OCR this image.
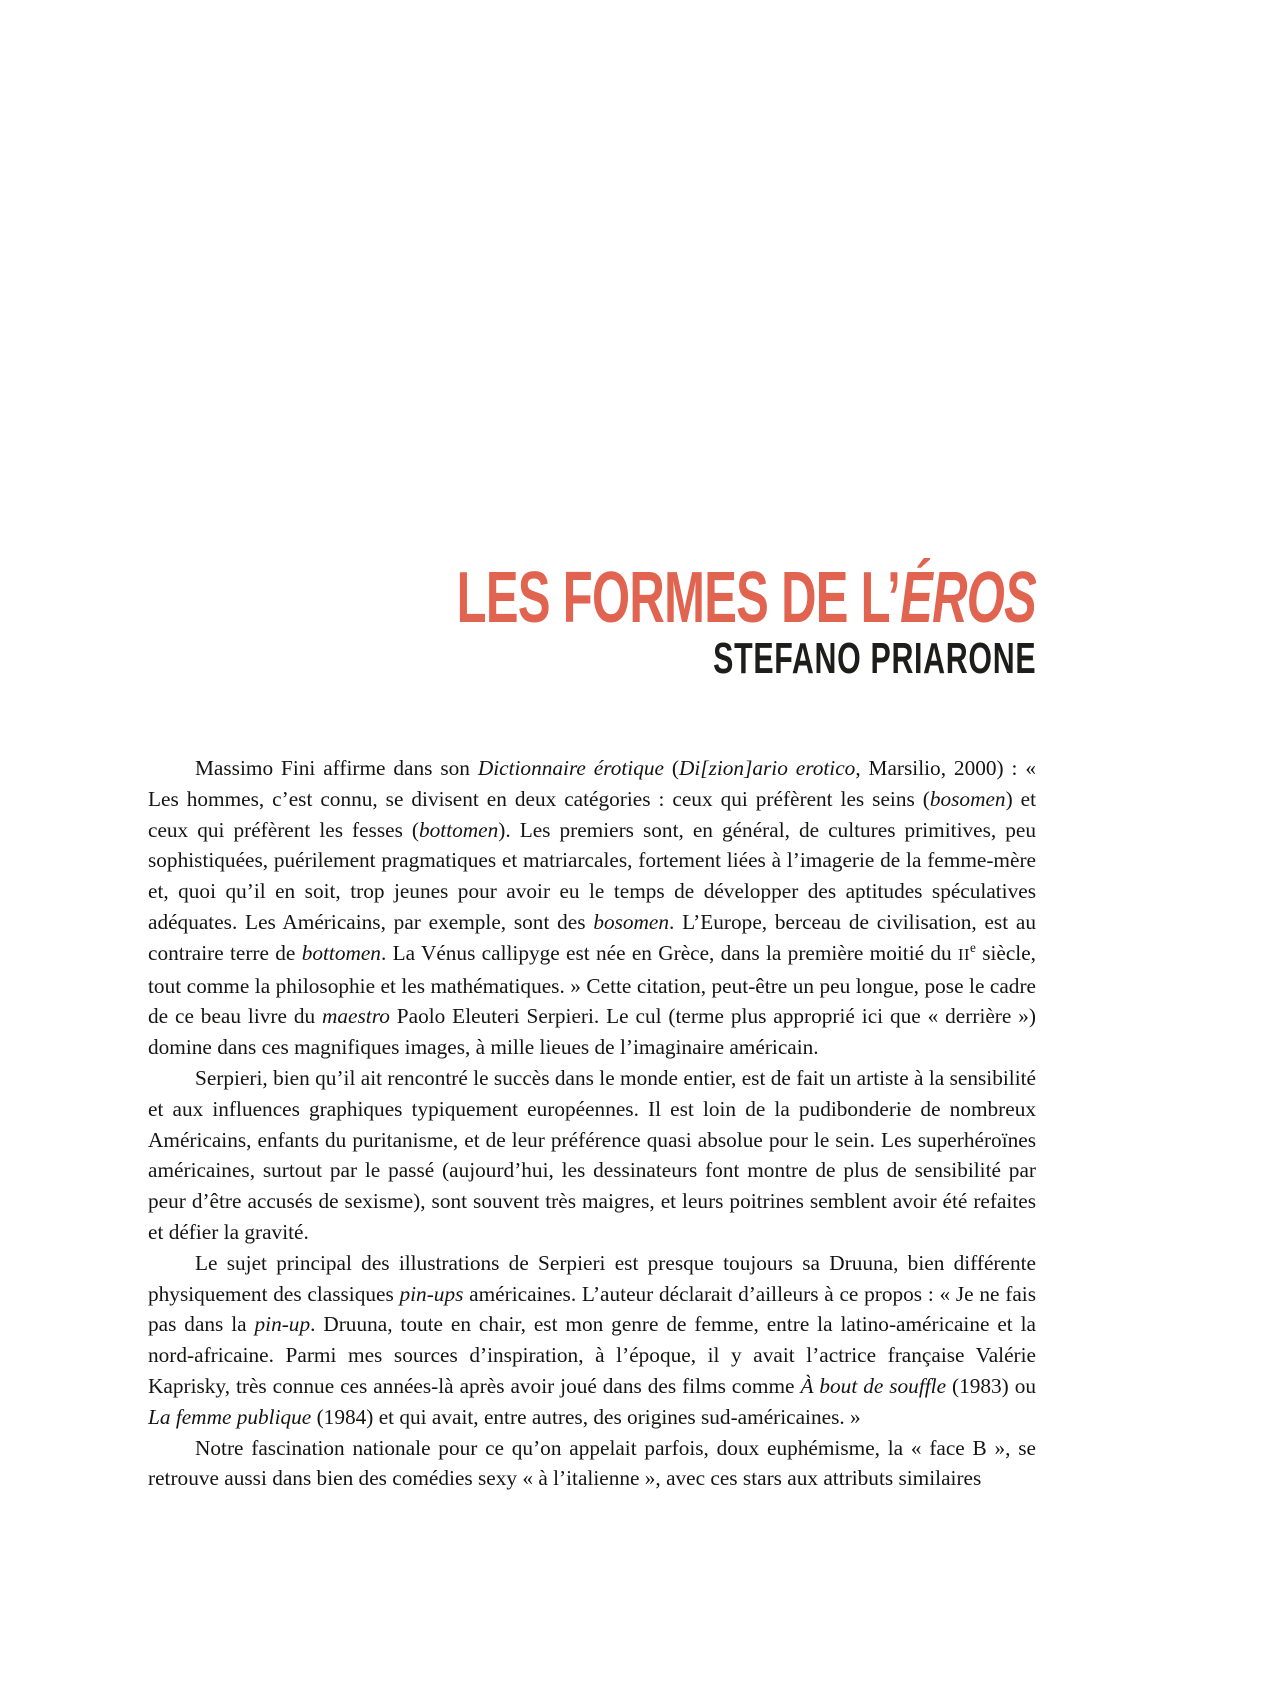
LES FORMES DE L’ÉROS
STEFANO PRIARONE

Massimo Fini affirme dans son Dictionnaire érotique (Di[zion]ario erotico, Marsilio, 2000) : « Les hommes, c’est connu, se divisent en deux catégories : ceux qui préfèrent les seins (bosomen) et ceux qui préfèrent les fesses (bottomen). Les premiers sont, en général, de cultures primitives, peu sophistiquées, puérilement pragmatiques et matriarcales, fortement liées à l’imagerie de la femme-mère et, quoi qu’il en soit, trop jeunes pour avoir eu le temps de développer des aptitudes spéculatives adéquates. Les Américains, par exemple, sont des bosomen. L’Europe, berceau de civilisation, est au contraire terre de bottomen. La Vénus callipyge est née en Grèce, dans la première moitié du IIe siècle, tout comme la philosophie et les mathématiques. » Cette citation, peut-être un peu longue, pose le cadre de ce beau livre du maestro Paolo Eleuteri Serpieri. Le cul (terme plus approprié ici que « derrière ») domine dans ces magnifiques images, à mille lieues de l’imaginaire américain.

Serpieri, bien qu’il ait rencontré le succès dans le monde entier, est de fait un artiste à la sensibilité et aux influences graphiques typiquement européennes. Il est loin de la pudibonderie de nombreux Américains, enfants du puritanisme, et de leur préférence quasi absolue pour le sein. Les superhéroïnes américaines, surtout par le passé (aujourd’hui, les dessinateurs font montre de plus de sensibilité par peur d’être accusés de sexisme), sont souvent très maigres, et leurs poitrines semblent avoir été refaites et défier la gravité.

Le sujet principal des illustrations de Serpieri est presque toujours sa Druuna, bien différente physiquement des classiques pin-ups américaines. L’auteur déclarait d’ailleurs à ce propos : « Je ne fais pas dans la pin-up. Druuna, toute en chair, est mon genre de femme, entre la latino-américaine et la nord-africaine. Parmi mes sources d’inspiration, à l’époque, il y avait l’actrice française Valérie Kaprisky, très connue ces années-là après avoir joué dans des films comme À bout de souffle (1983) ou La femme publique (1984) et qui avait, entre autres, des origines sud-américaines. »

Notre fascination nationale pour ce qu’on appelait parfois, doux euphémisme, la « face B », se retrouve aussi dans bien des comédies sexy « à l’italienne », avec ces stars aux attributs similaires
